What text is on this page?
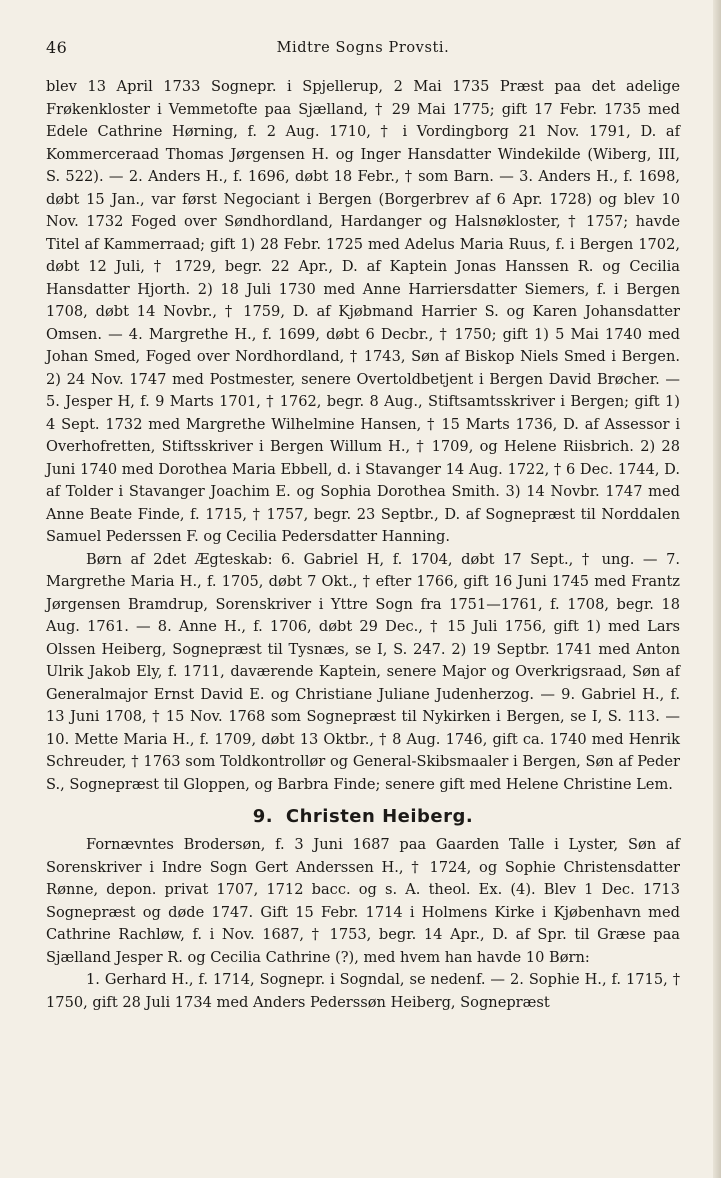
46	Midtre Sogns Provsti.

blev 13 April 1733 Sognepr. i Spjellerup, 2 Mai 1735 Præst paa det adelige Frøkenkloster i Vemmetofte paa Sjælland, † 29 Mai 1775; gift 17 Febr. 1735 med Edele Cathrine Hørning, f. 2 Aug. 1710, † i Vordingborg 21 Nov. 1791, D. af Kommerceraad Thomas Jørgensen H. og Inger Hansdatter Windekilde (Wiberg, III, S. 522). — 2. Anders H., f. 1696, døbt 18 Febr., † som Barn. — 3. Anders H., f. 1698, døbt 15 Jan., var først Negociant i Bergen (Borgerbrev af 6 Apr. 1728) og blev 10 Nov. 1732 Foged over Søndhordland, Hardanger og Halsnøkloster, † 1757; havde Titel af Kammerraad; gift 1) 28 Febr. 1725 med Adelus Maria Ruus, f. i Bergen 1702, døbt 12 Juli, † 1729, begr. 22 Apr., D. af Kaptein Jonas Hanssen R. og Cecilia Hansdatter Hjorth. 2) 18 Juli 1730 med Anne Harriersdatter Siemers, f. i Bergen 1708, døbt 14 Novbr., † 1759, D. af Kjøbmand Harrier S. og Karen Johansdatter Omsen. — 4. Margrethe H., f. 1699, døbt 6 Decbr., † 1750; gift 1) 5 Mai 1740 med Johan Smed, Foged over Nordhordland, † 1743, Søn af Biskop Niels Smed i Bergen. 2) 24 Nov. 1747 med Postmester, senere Overtoldbetjent i Bergen David Brøcher. — 5. Jesper H, f. 9 Marts 1701, † 1762, begr. 8 Aug., Stiftsamtsskriver i Bergen; gift 1) 4 Sept. 1732 med Margrethe Wilhelmine Hansen, † 15 Marts 1736, D. af Assessor i Overhofretten, Stiftsskriver i Bergen Willum H., † 1709, og Helene Riisbrich. 2) 28 Juni 1740 med Dorothea Maria Ebbell, d. i Stavanger 14 Aug. 1722, † 6 Dec. 1744, D. af Tolder i Stavanger Joachim E. og Sophia Dorothea Smith. 3) 14 Novbr. 1747 med Anne Beate Finde, f. 1715, † 1757, begr. 23 Septbr., D. af Sognepræst til Norddalen Samuel Pederssen F. og Cecilia Pedersdatter Hanning.

Børn af 2det Ægteskab: 6. Gabriel H, f. 1704, døbt 17 Sept., † ung. — 7. Margrethe Maria H., f. 1705, døbt 7 Okt., † efter 1766, gift 16 Juni 1745 med Frantz Jørgensen Bramdrup, Sorenskriver i Yttre Sogn fra 1751—1761, f. 1708, begr. 18 Aug. 1761. — 8. Anne H., f. 1706, døbt 29 Dec., † 15 Juli 1756, gift 1) med Lars Olssen Heiberg, Sognepræst til Tysnæs, se I, S. 247. 2) 19 Septbr. 1741 med Anton Ulrik Jakob Ely, f. 1711, daværende Kaptein, senere Major og Overkrigsraad, Søn af Generalmajor Ernst David E. og Christiane Juliane Judenherzog. — 9. Gabriel H., f. 13 Juni 1708, † 15 Nov. 1768 som Sognepræst til Nykirken i Bergen, se I, S. 113. — 10. Mette Maria H., f. 1709, døbt 13 Oktbr., † 8 Aug. 1746, gift ca. 1740 med Henrik Schreuder, † 1763 som Toldkontrollør og General-Skibsmaaler i Bergen, Søn af Peder S., Sognepræst til Gloppen, og Barbra Finde; senere gift med Helene Christine Lem.

9. Christen Heiberg.

Fornævntes Brodersøn, f. 3 Juni 1687 paa Gaarden Talle i Lyster, Søn af Sorenskriver i Indre Sogn Gert Anderssen H., † 1724, og Sophie Christensdatter Rønne, depon. privat 1707, 1712 bacc. og s. A. theol. Ex. (4). Blev 1 Dec. 1713 Sognepræst og døde 1747. Gift 15 Febr. 1714 i Holmens Kirke i Kjøbenhavn med Cathrine Rachløw, f. i Nov. 1687, † 1753, begr. 14 Apr., D. af Spr. til Græse paa Sjælland Jesper R. og Cecilia Cathrine (?), med hvem han havde 10 Børn:

1. Gerhard H., f. 1714, Sognepr. i Sogndal, se nedenf. — 2. Sophie H., f. 1715, † 1750, gift 28 Juli 1734 med Anders Pederssøn Heiberg, Sognepræst
